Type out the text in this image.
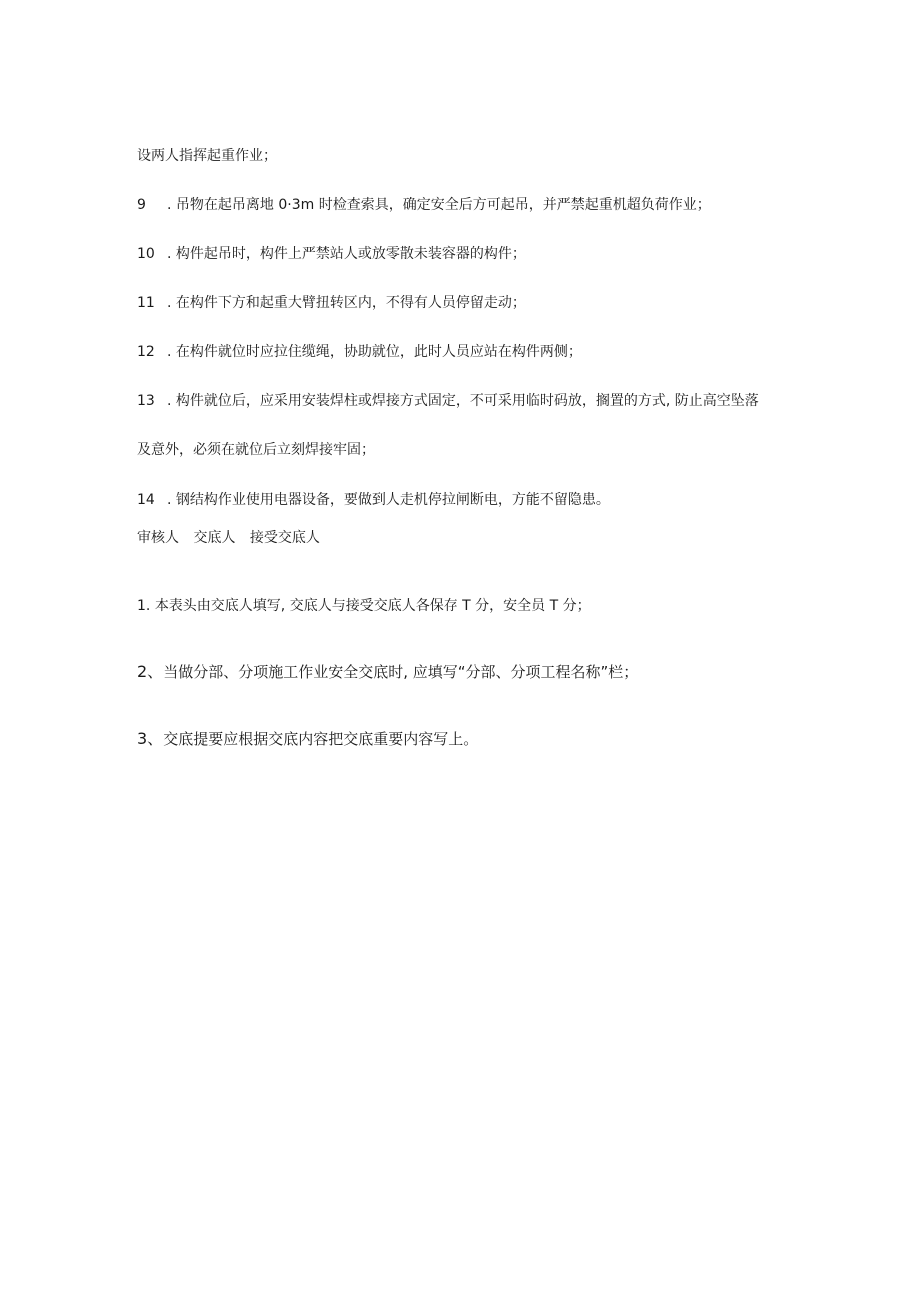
设两人指挥起重作业；
9 . 吊物在起吊离地 0·3m 时检查索具，确定安全后方可起吊，并严禁起重机超负荷作业；
10 . 构件起吊时，构件上严禁站人或放零散未装容器的构件；
11 . 在构件下方和起重大臂扭转区内，不得有人员停留走动；
12 . 在构件就位时应拉住缆绳，协助就位，此时人员应站在构件两侧；
13 . 构件就位后，应采用安装焊柱或焊接方式固定，不可采用临时码放，搁置的方式, 防止高空坠落
及意外，必须在就位后立刻焊接牢固；
14 . 钢结构作业使用电器设备，要做到人走机停拉闸断电，方能不留隐患。
审核人 交底人 接受交底人
1. 本表头由交底人填写, 交底人与接受交底人各保存 T 分，安全员 T 分；
2、当做分部、分项施工作业安全交底时, 应填写“分部、分项工程名称”栏；
3、交底提要应根据交底内容把交底重要内容写上。
